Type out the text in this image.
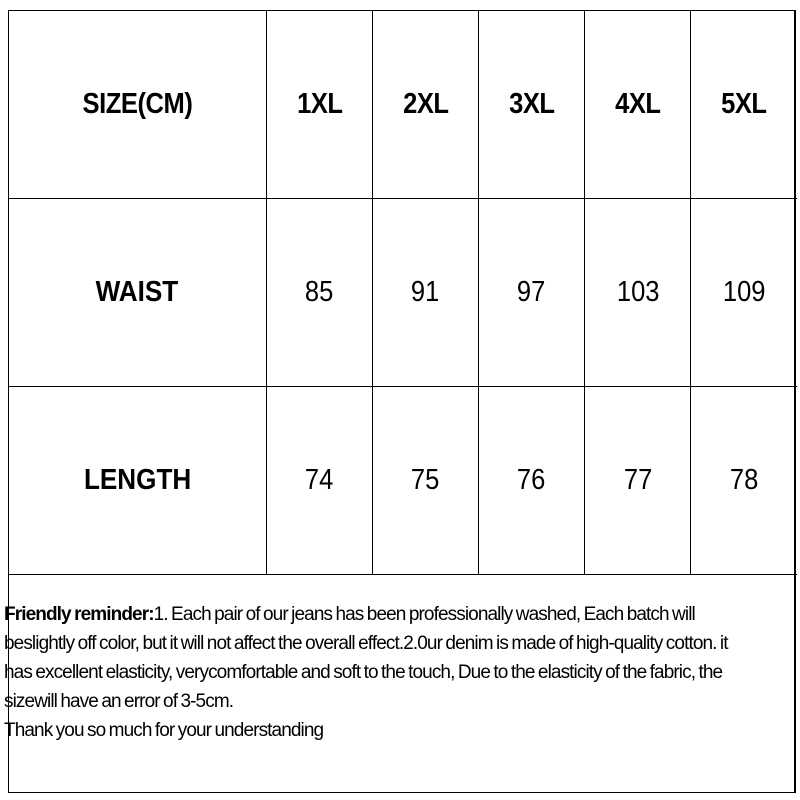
SIZE(CM)	1XL	2XL	3XL	4XL	5XL
WAIST	85	91	97	103	109
LENGTH	74	75	76	77	78
Friendly reminder:1. Each pair of our jeans has been professionally washed, Each batch will
beslightly off color, but it will not affect the overall effect.2.0ur denim is made of high-quality cotton. it
has excellent elasticity, verycomfortable and soft to the touch, Due to the elasticity of the fabric, the
sizewill have an error of 3-5cm.
Thank you so much for your understanding
